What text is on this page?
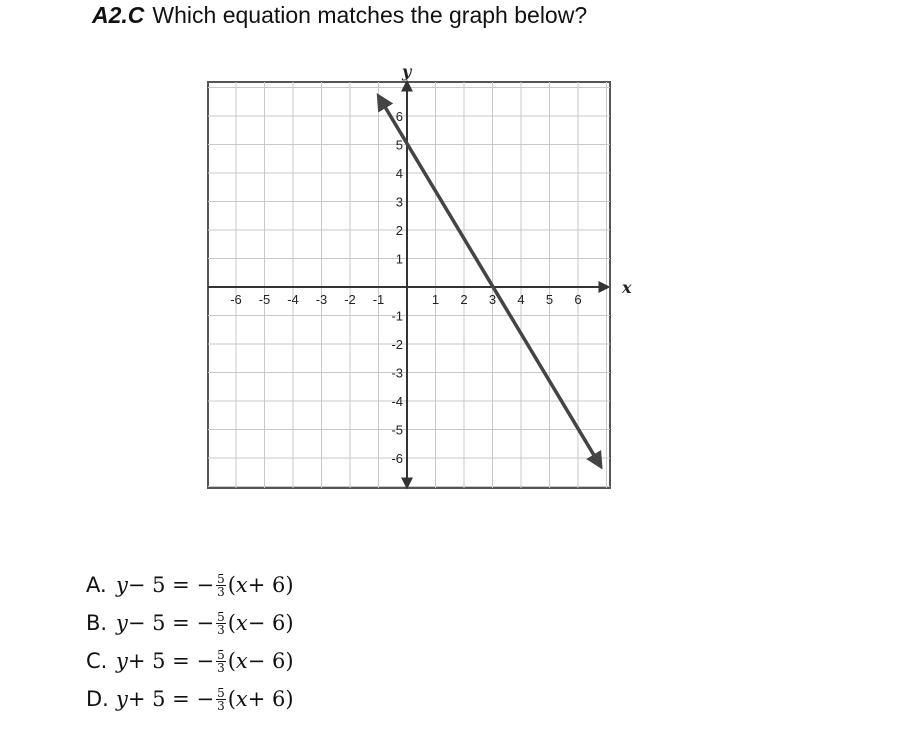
A2.C Which equation matches the graph below?
-6 -5 -4 -3 -2 -1	1 2 3 4 5 6
6
5
4
3
2
1
-1
-2
-3
-4
-5
-6
x
y
A. y − 5 = − $\frac{5}{3}$ ( x + 6)
B. y − 5 = − $\frac{5}{3}$ ( x − 6)
C. y + 5 = − $\frac{5}{3}$ ( x − 6)
D. y + 5 = − $\frac{5}{3}$ ( x + 6)
